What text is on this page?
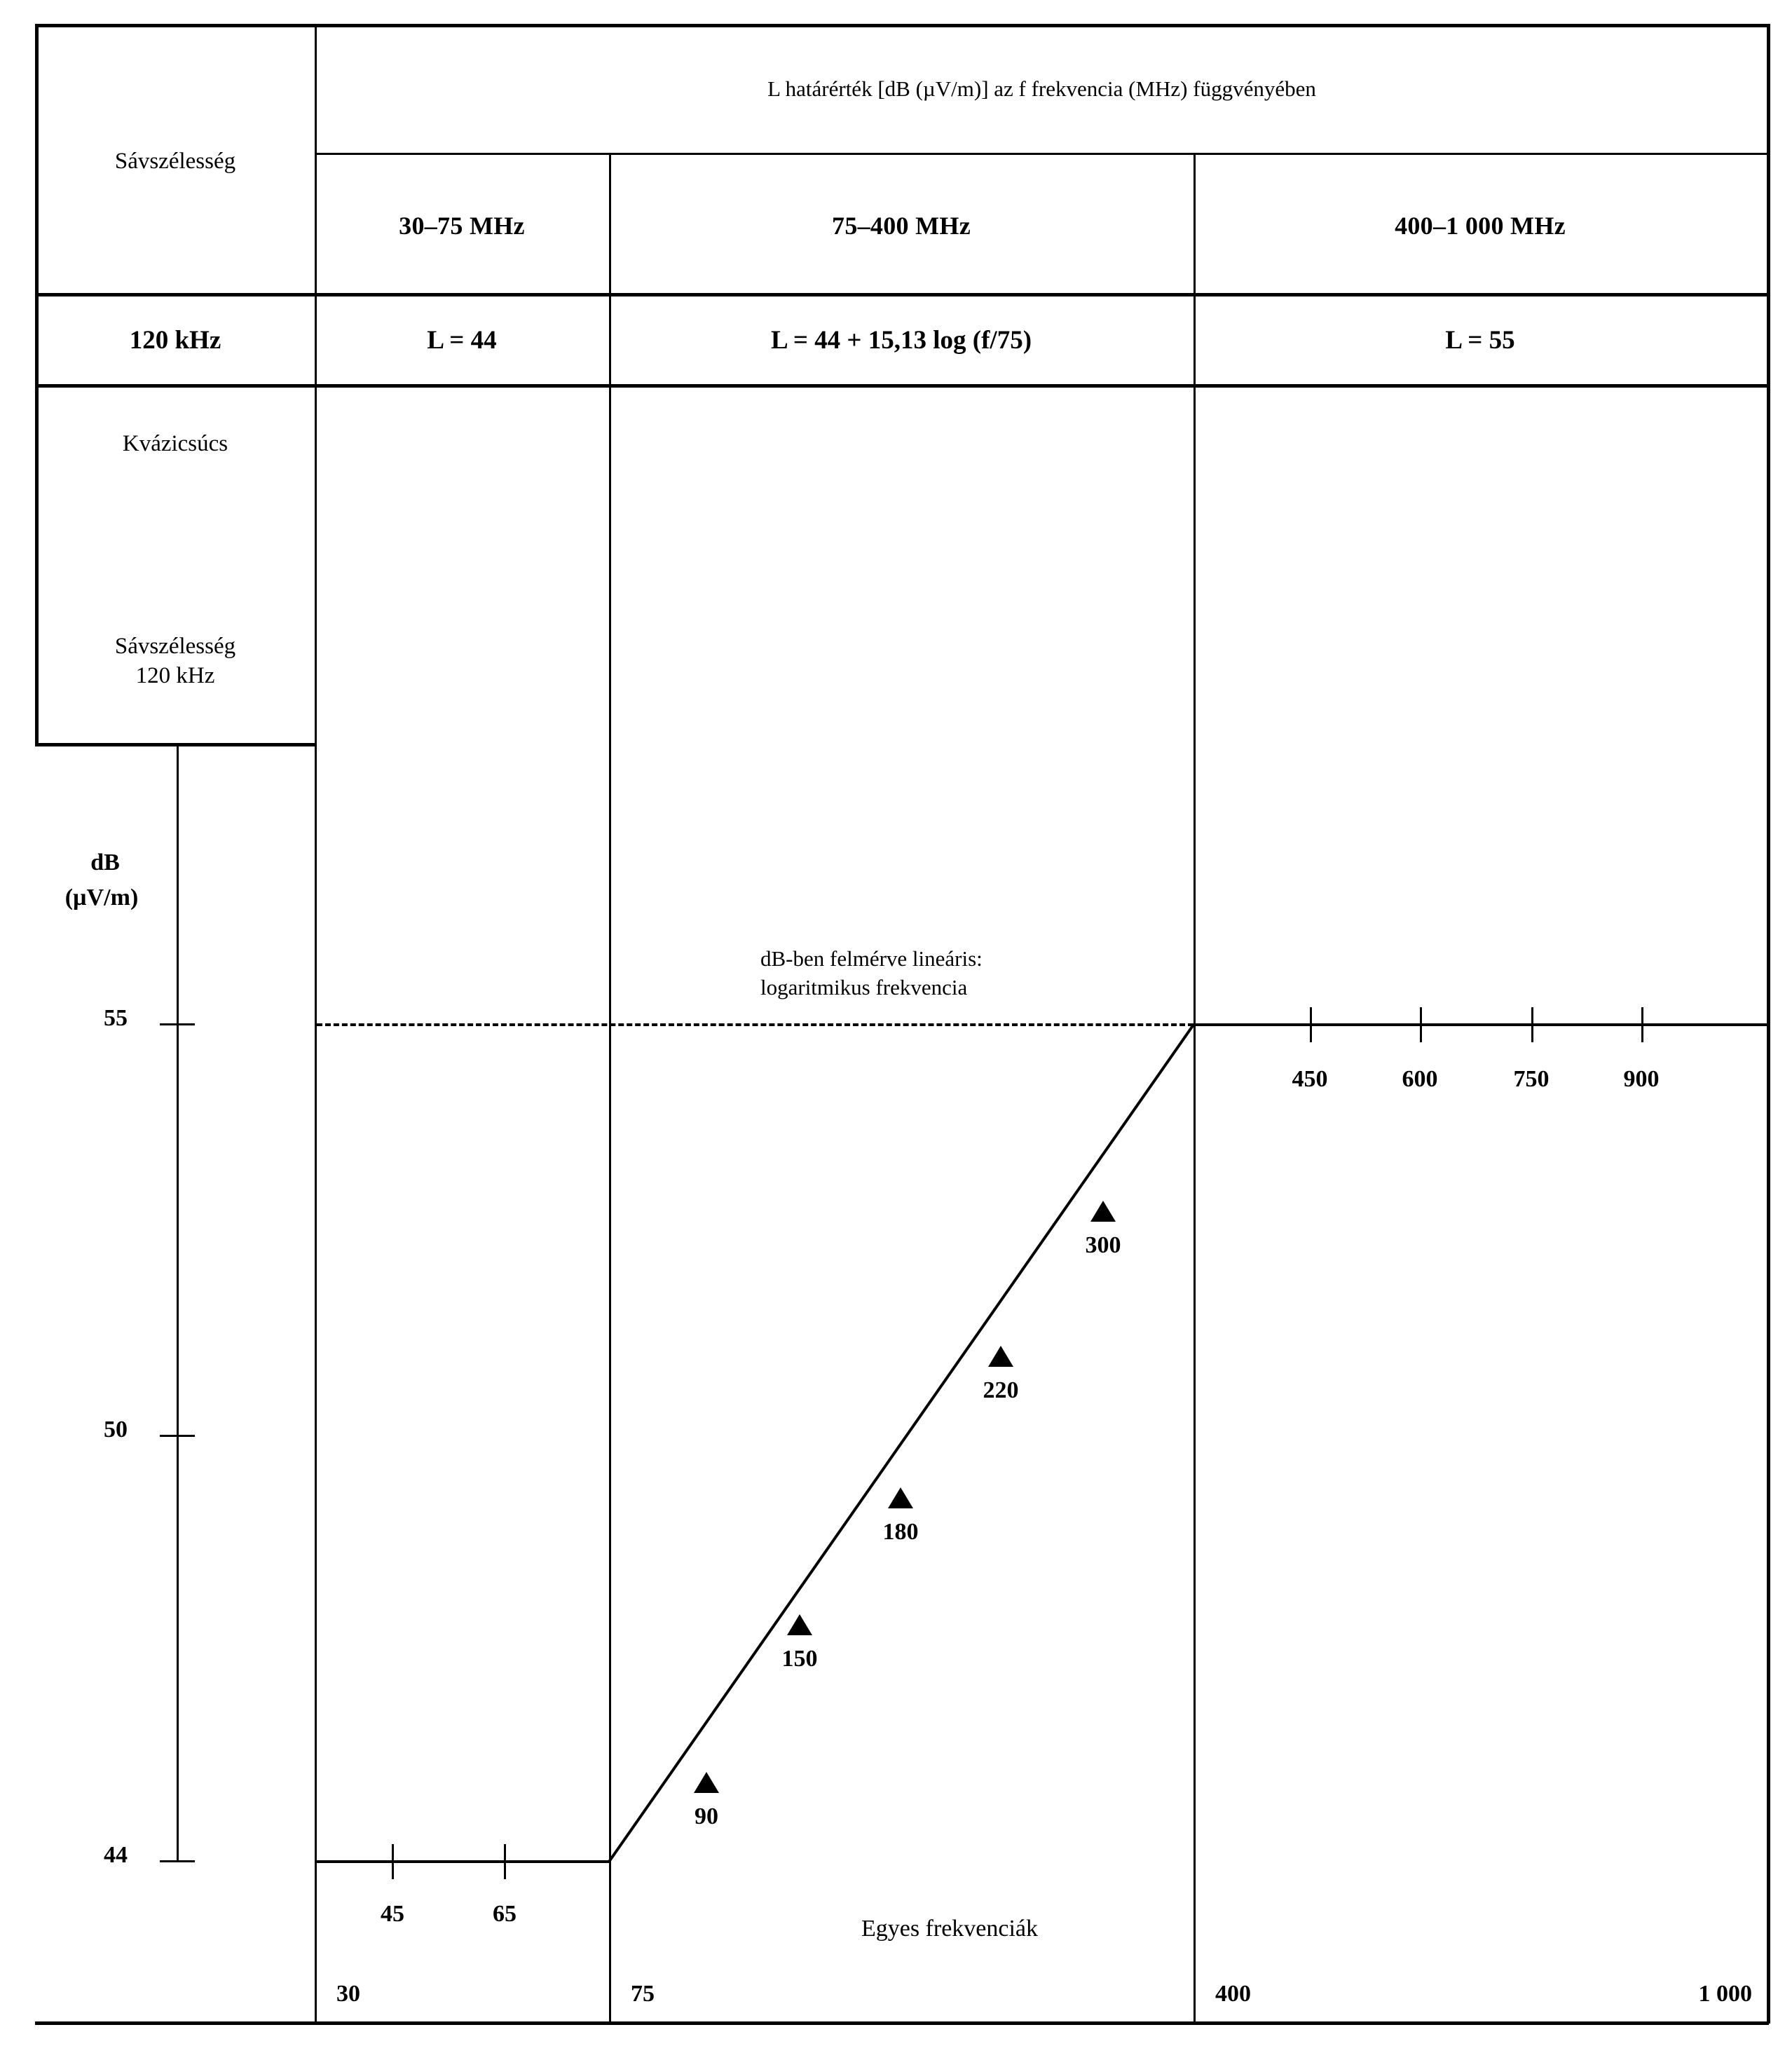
L határérték [dB (µV/m)] az f frekvencia (MHz) függvényében
Sávszélesség
30–75 MHz	75–400 MHz	400–1 000 MHz
120 kHz	L = 44	L = 44 + 15,13 log (f/75)	L = 55
Kvázicsúcs
Sávszélesség
120 kHz
dB
(µV/m)
55
50
44
45	65
450	600	750	900
30	75	400	1 000
dB-ben felmérve lineáris:
logaritmikus frekvencia
Egyes frekvenciák
90
150
180
220
300
